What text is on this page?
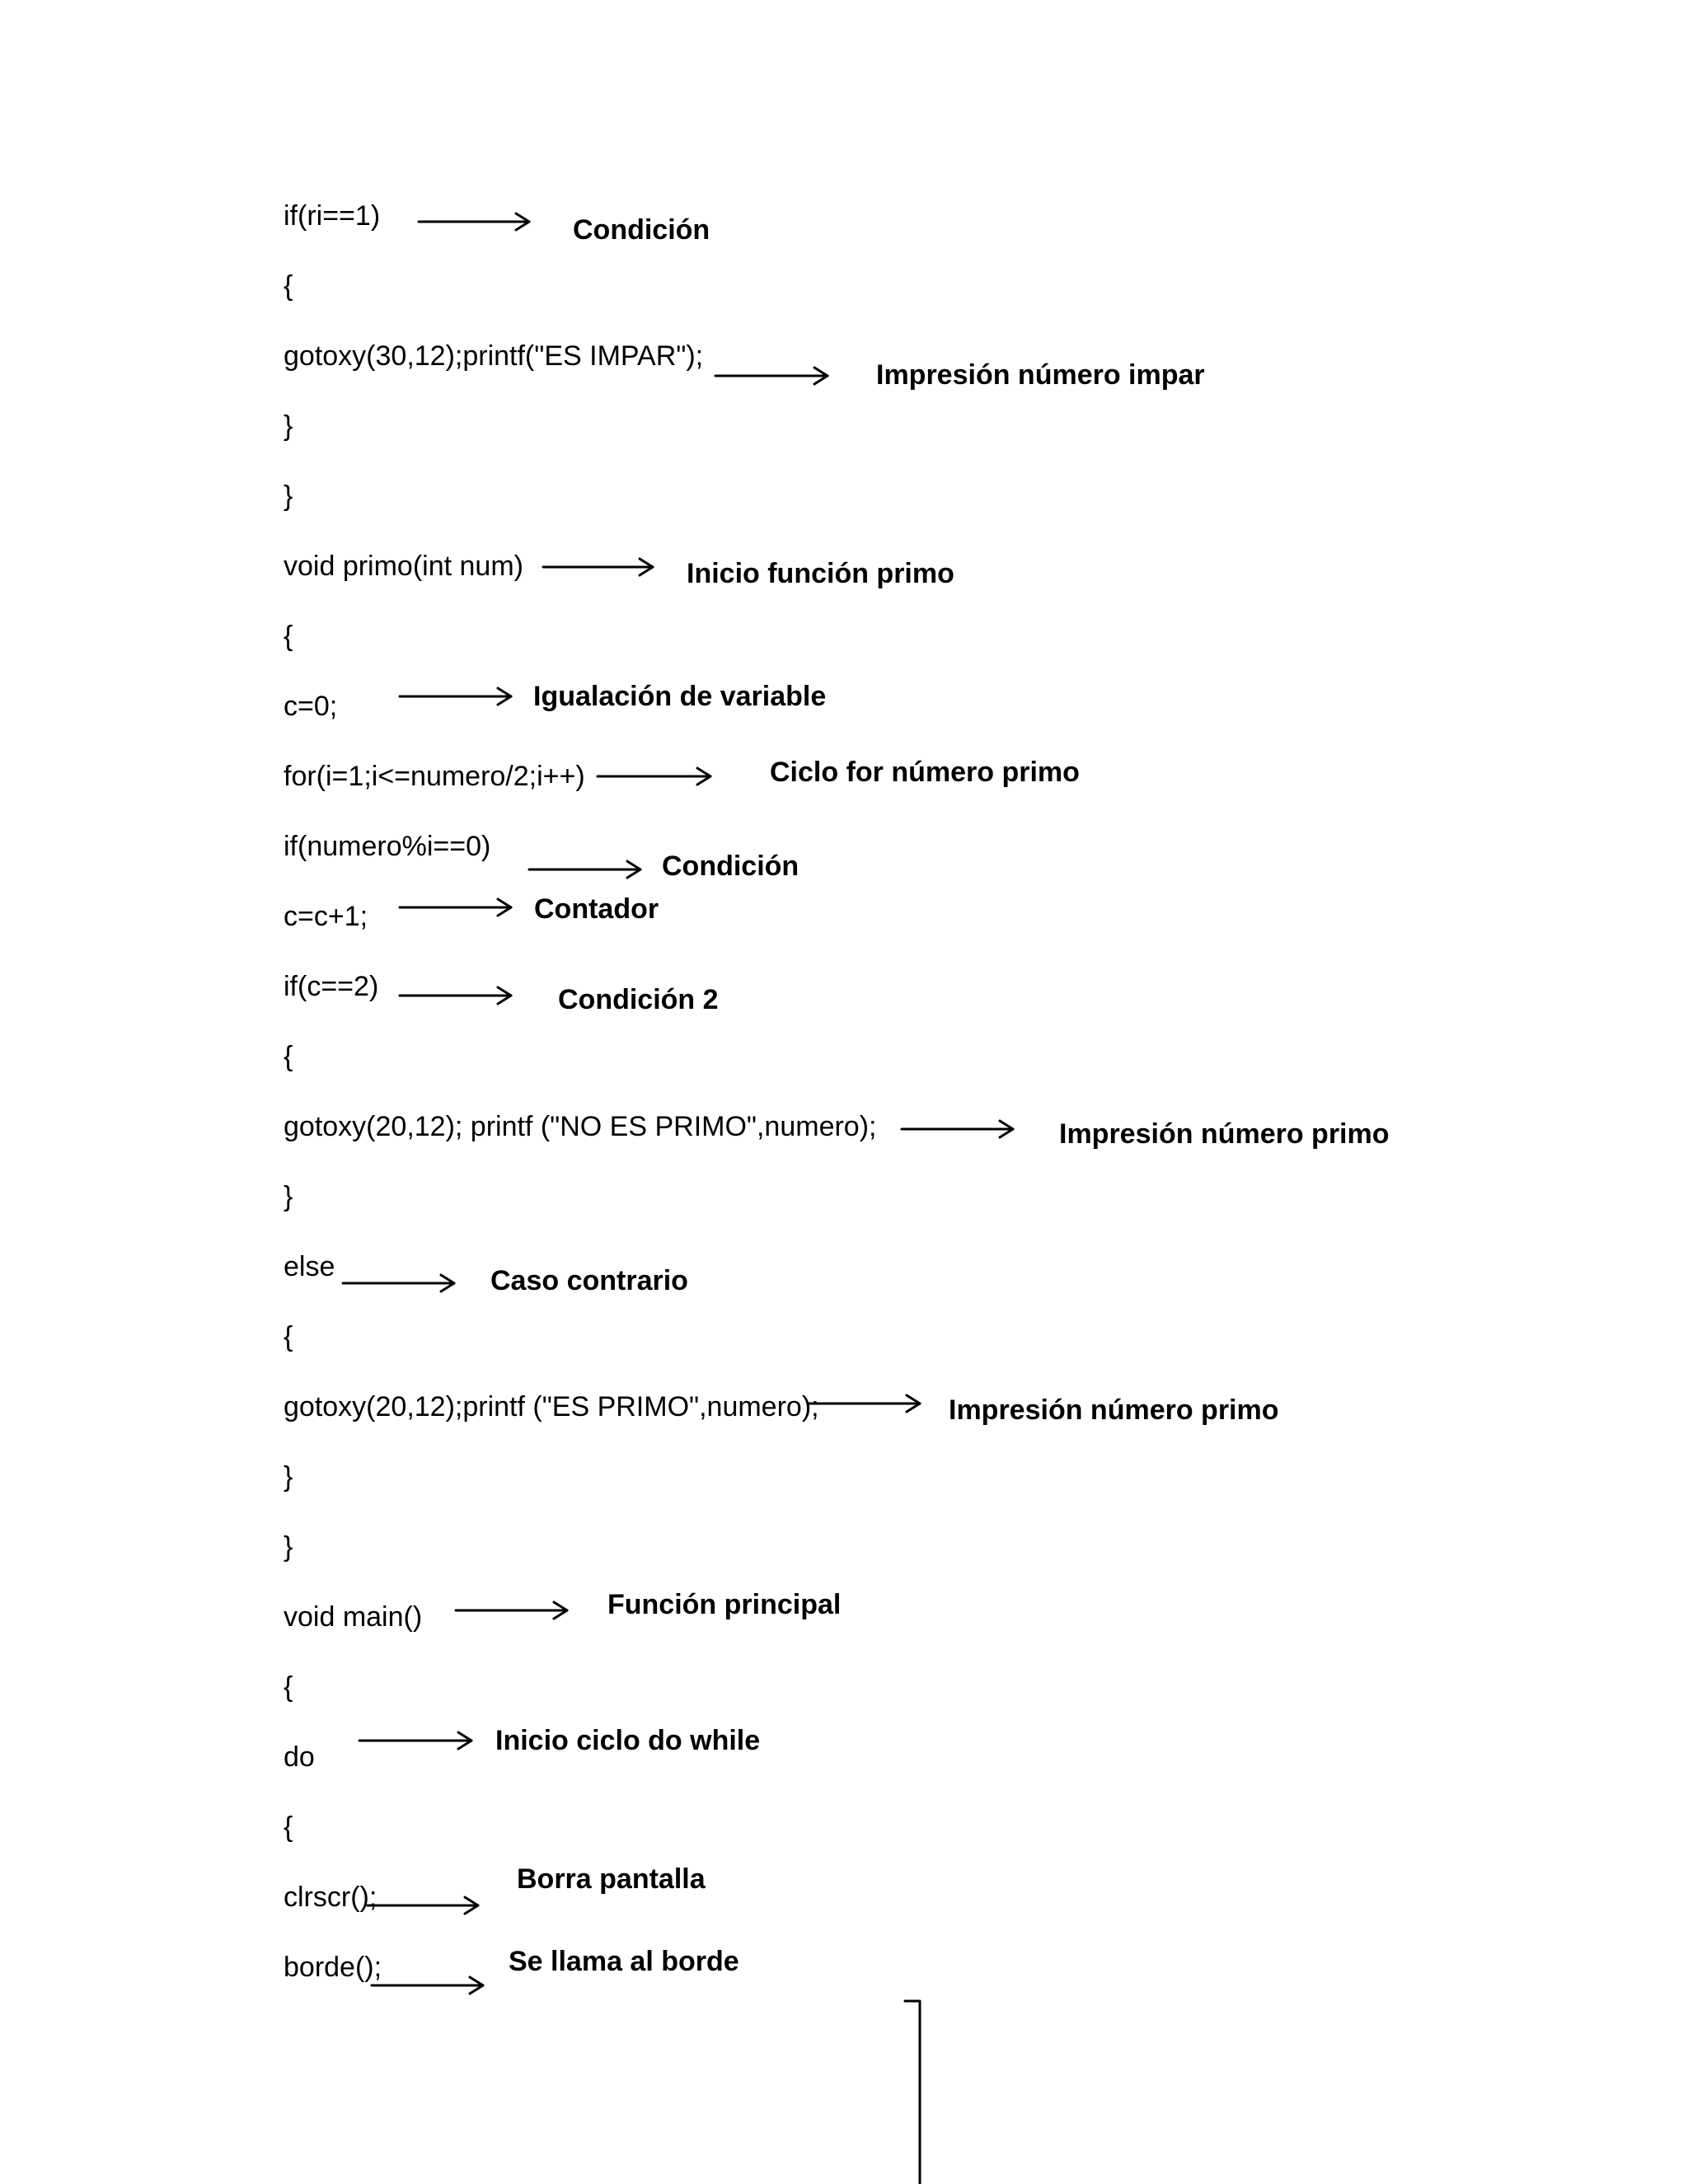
if(ri==1)
{
gotoxy(30,12);printf("ES IMPAR");
}
}
void primo(int num)
{
c=0;
for(i=1;i<=numero/2;i++)
if(numero%i==0)
c=c+1;
if(c==2)
{
gotoxy(20,12); printf ("NO ES PRIMO",numero);
}
else
{
gotoxy(20,12);printf ("ES PRIMO",numero);
}
}
void main()
{
do
{
clrscr();
borde();
Condición
Impresión número impar
Inicio función primo
Igualación de variable
Ciclo for número primo
Condición
Contador
Condición 2
Impresión número primo
Caso contrario
Impresión número primo
Función principal
Inicio ciclo do while
Borra pantalla
Se llama al borde
